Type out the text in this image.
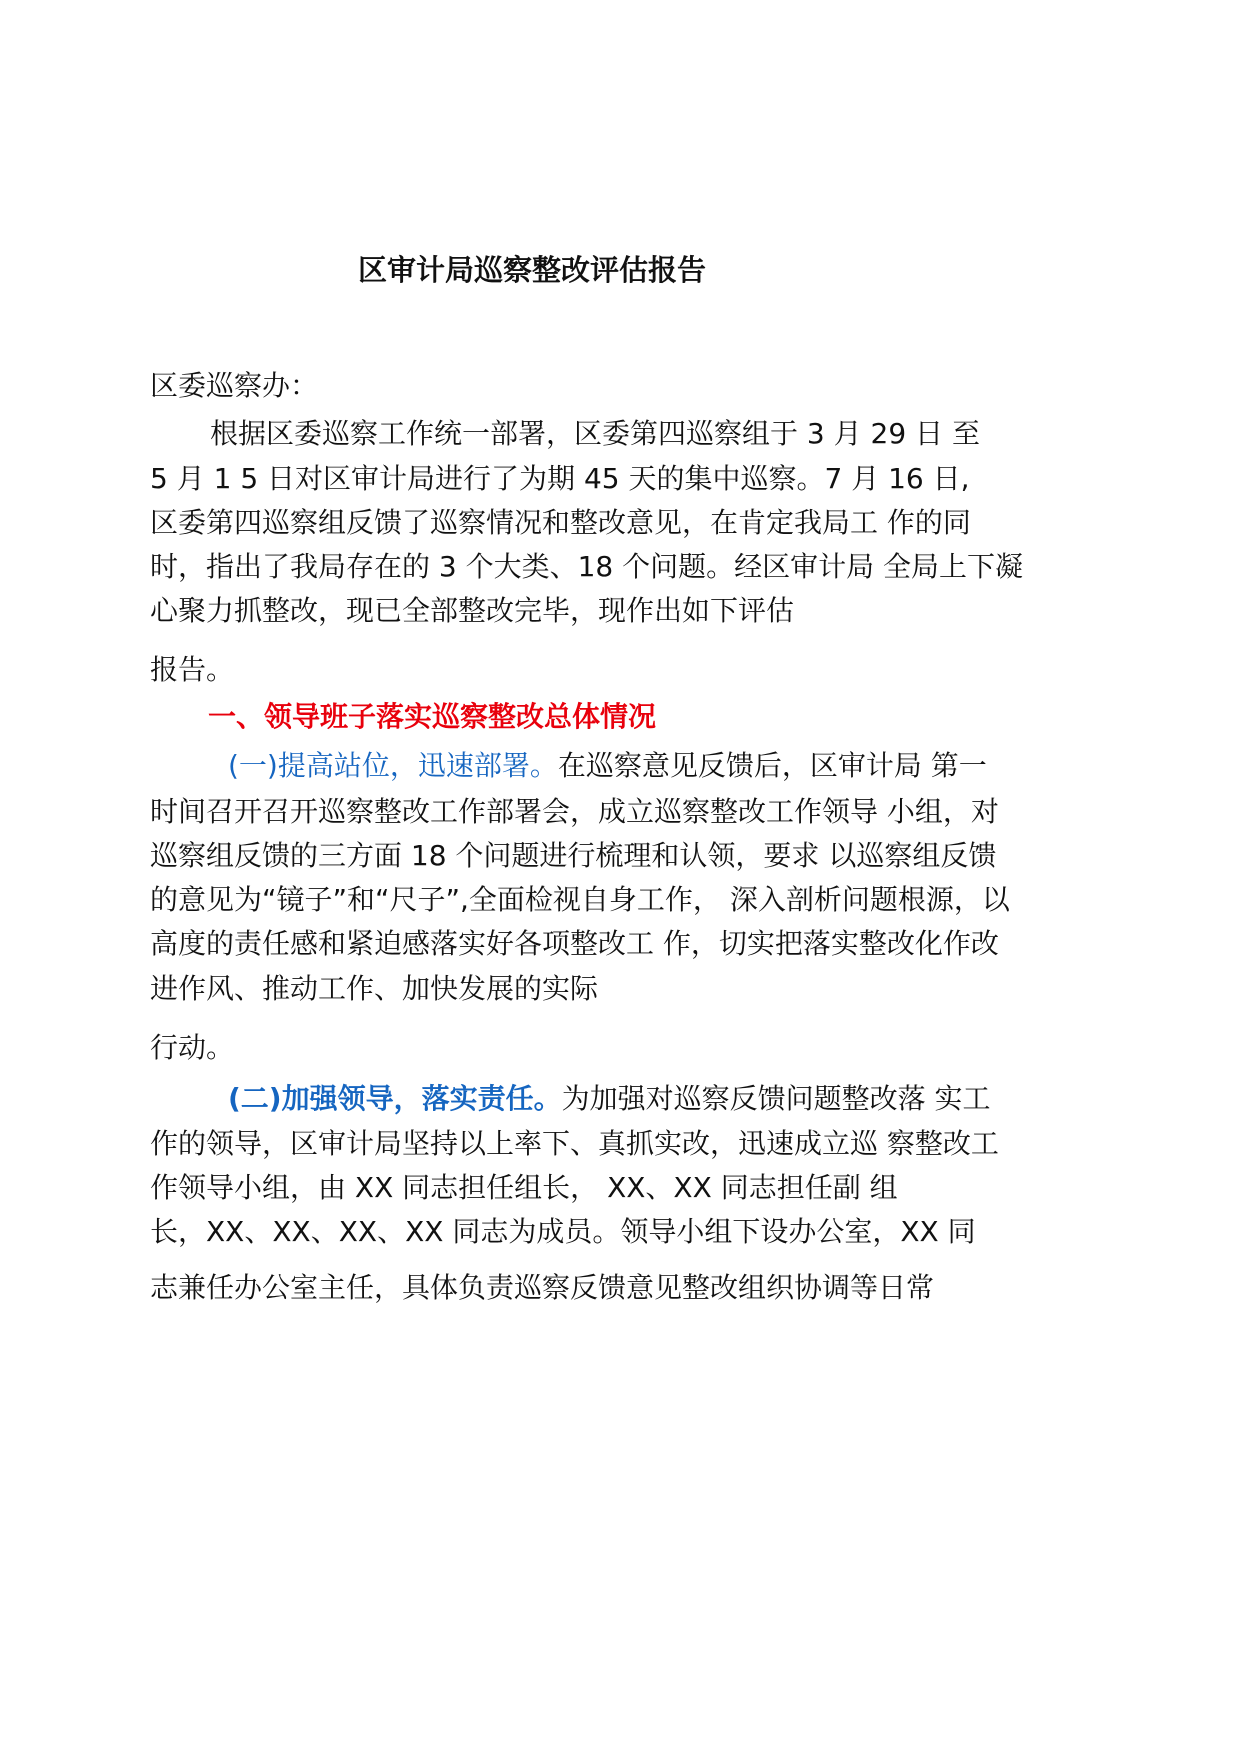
区审计局巡察整改评估报告
区委巡察办：
根据区委巡察工作统一部署，区委第四巡察组于 3 月 29 日 至
5 月 1 5 日对区审计局进行了为期 45 天的集中巡察。7 月 16 日,
区委第四巡察组反馈了巡察情况和整改意见，在肯定我局工 作的同
时，指出了我局存在的 3 个大类、18 个问题。经区审计局 全局上下凝
心聚力抓整改，现已全部整改完毕，现作出如下评估
报告。
一、领导班子落实巡察整改总体情况
(一)提高站位，迅速部署。在巡察意见反馈后，区审计局 第一
时间召开召开巡察整改工作部署会，成立巡察整改工作领导 小组，对
巡察组反馈的三方面 18 个问题进行梳理和认领，要求 以巡察组反馈
的意见为“镜子”和“尺子”,全面检视自身工作， 深入剖析问题根源，以
高度的责任感和紧迫感落实好各项整改工 作，切实把落实整改化作改
进作风、推动工作、加快发展的实际
行动。
(二)加强领导，落实责任。为加强对巡察反馈问题整改落 实工
作的领导，区审计局坚持以上率下、真抓实改，迅速成立巡 察整改工
作领导小组，由 XX 同志担任组长， XX、XX 同志担任副 组
长，XX、XX、XX、XX 同志为成员。领导小组下设办公室，XX 同
志兼任办公室主任，具体负责巡察反馈意见整改组织协调等日常
